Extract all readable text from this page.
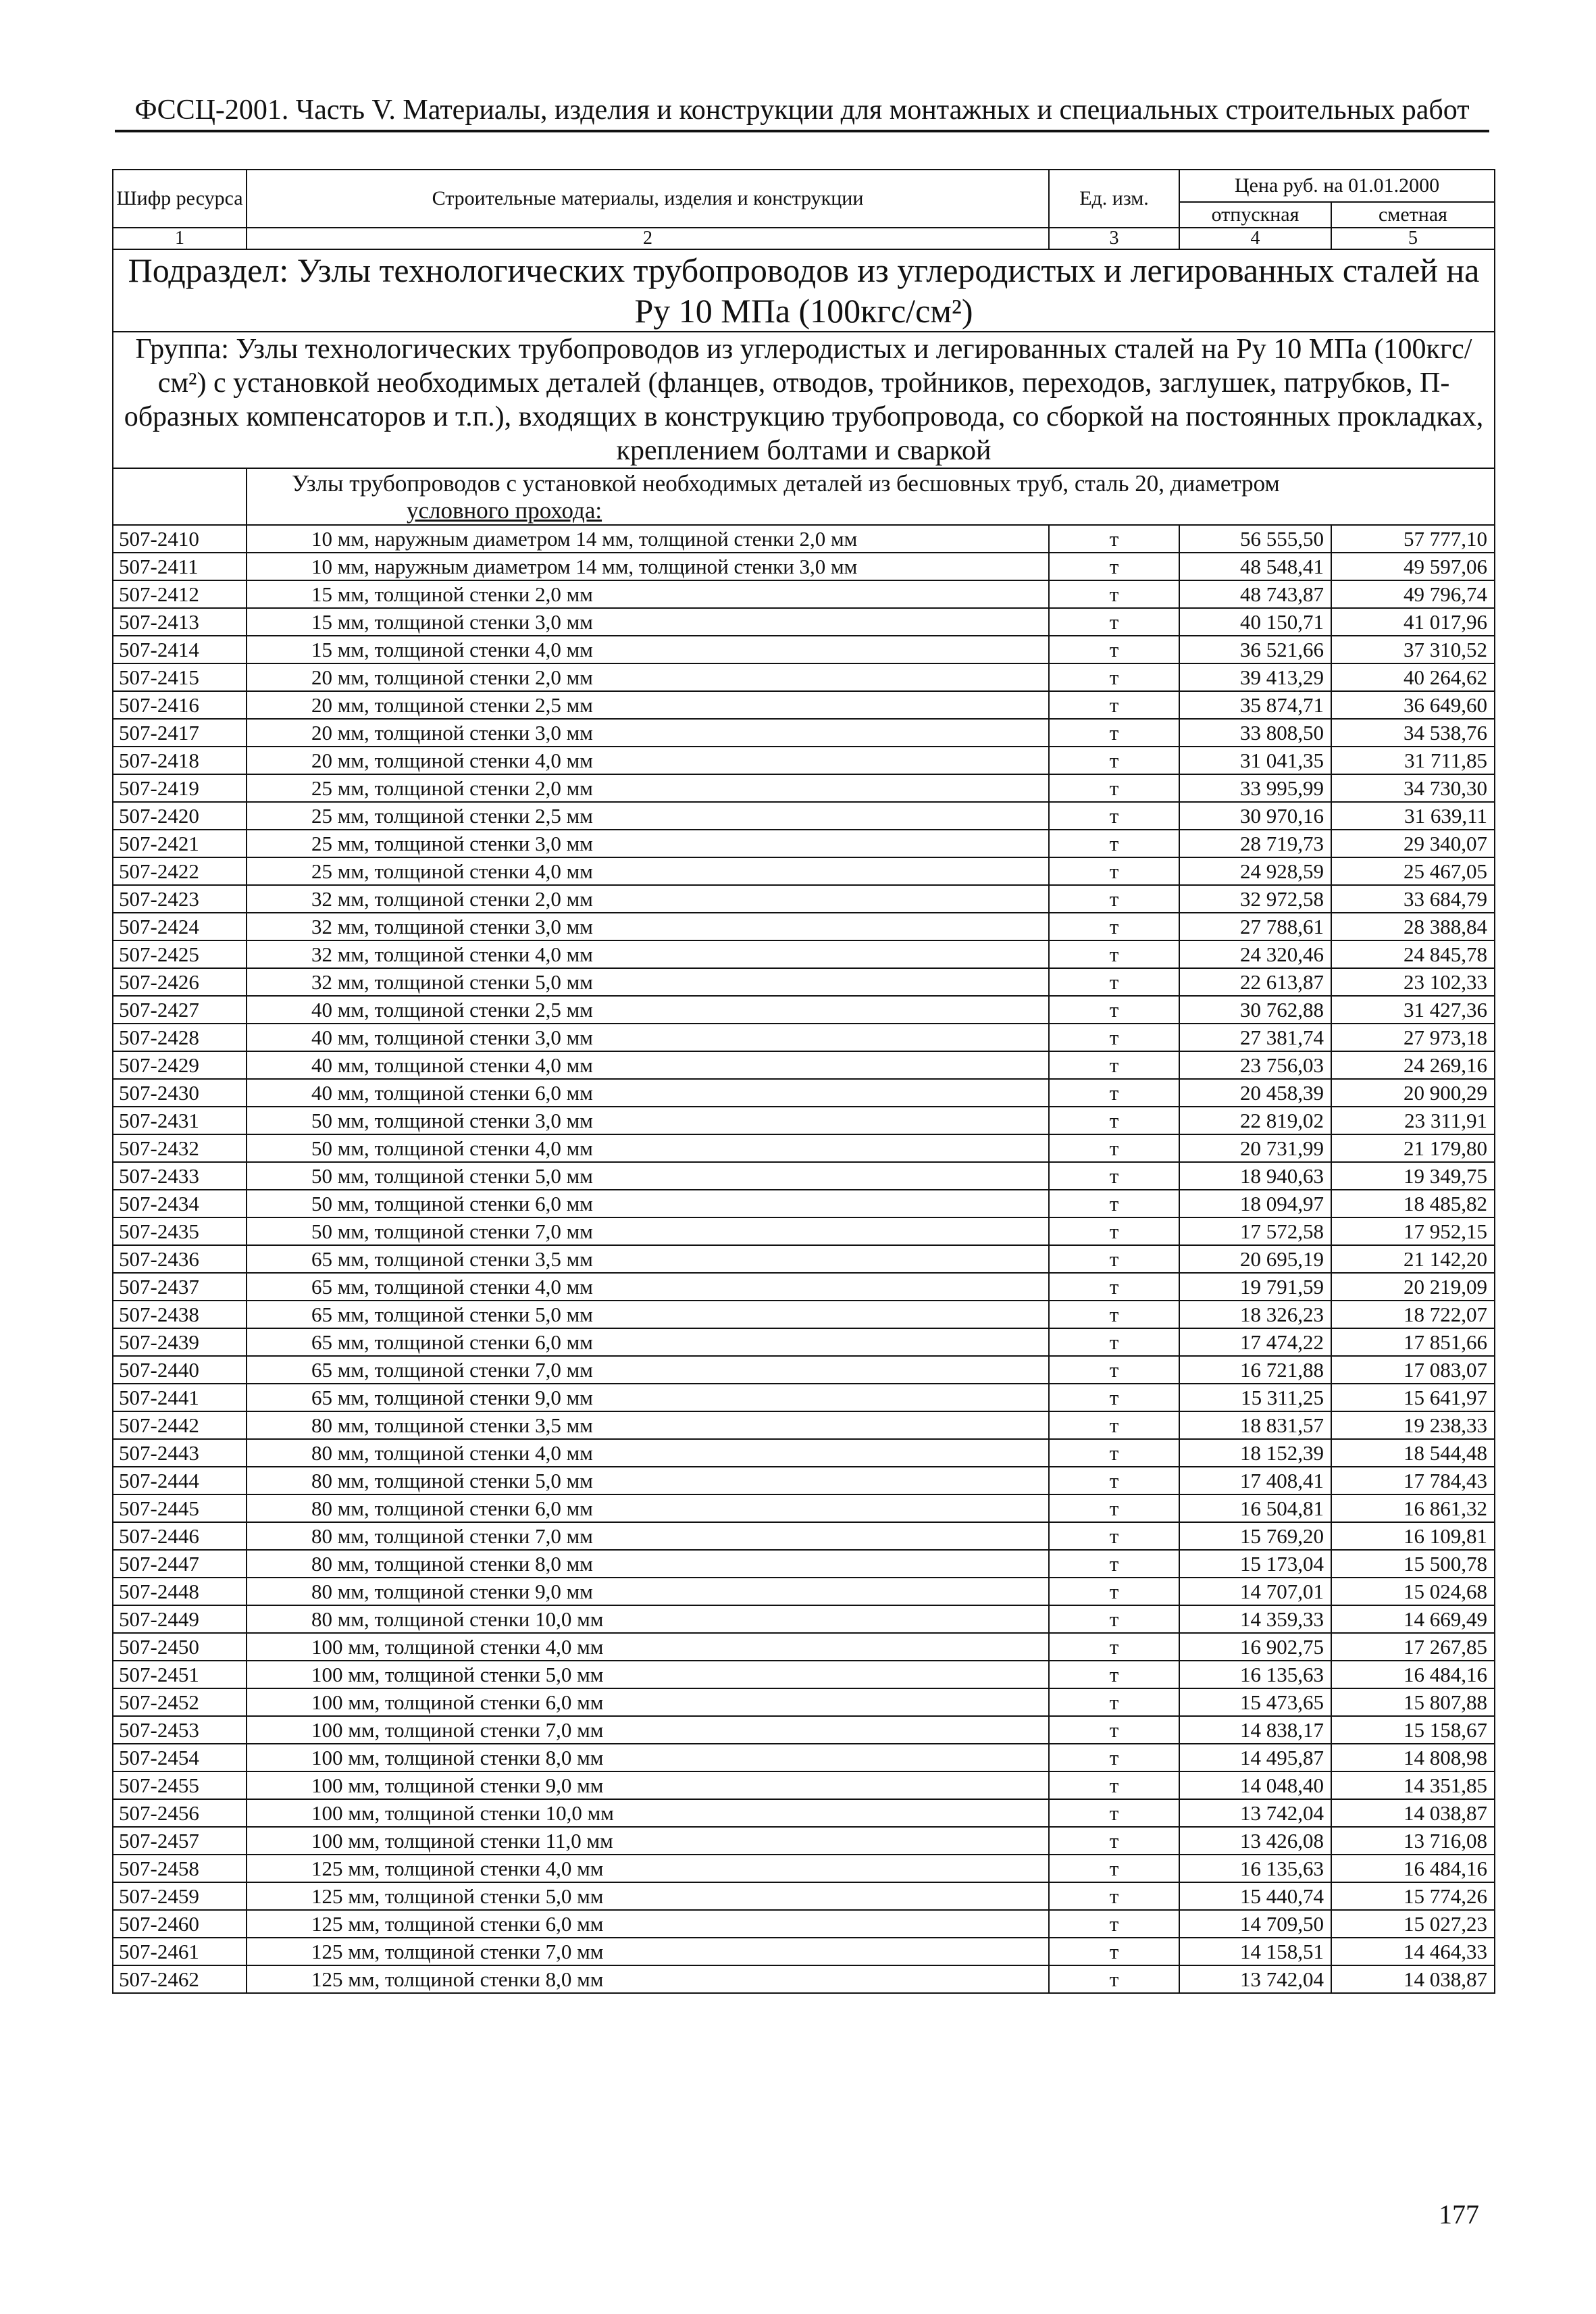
ФССЦ-2001. Часть V. Материалы, изделия и конструкции для монтажных и специальных строительных работ
Шифр ресурса	Строительные материалы, изделия и конструкции	Ед. изм.	Цена руб. на 01.01.2000	
			отпускная	сметная
1	2	3	4	5
Подраздел: Узлы технологических трубопроводов из углеродистых и легированных сталей на Ру 10 МПа (100кгс/см²)				
Группа: Узлы технологических трубопроводов из углеродистых и легированных сталей на Ру 10 МПа (100кгс/см²) с установкой необходимых деталей (фланцев, отводов, тройников, переходов, заглушек, патрубков, П-образных компенсаторов и т.п.), входящих в конструкцию трубопровода, со сборкой на постоянных прокладках, креплением болтами и сваркой				

	Узлы трубопроводов с установкой необходимых деталей из бесшовных труб, сталь 20, диаметром
условного прохода:			

507-2410	10 мм, наружным диаметром 14 мм, толщиной стенки 2,0 мм	т	56 555,50	57 777,10
507-2411	10 мм, наружным диаметром 14 мм, толщиной стенки 3,0 мм	т	48 548,41	49 597,06
507-2412	15 мм, толщиной стенки 2,0 мм	т	48 743,87	49 796,74
507-2413	15 мм, толщиной стенки 3,0 мм	т	40 150,71	41 017,96
507-2414	15 мм, толщиной стенки 4,0 мм	т	36 521,66	37 310,52
507-2415	20 мм, толщиной стенки 2,0 мм	т	39 413,29	40 264,62
507-2416	20 мм, толщиной стенки 2,5 мм	т	35 874,71	36 649,60
507-2417	20 мм, толщиной стенки 3,0 мм	т	33 808,50	34 538,76
507-2418	20 мм, толщиной стенки 4,0 мм	т	31 041,35	31 711,85
507-2419	25 мм, толщиной стенки 2,0 мм	т	33 995,99	34 730,30
507-2420	25 мм, толщиной стенки 2,5 мм	т	30 970,16	31 639,11
507-2421	25 мм, толщиной стенки 3,0 мм	т	28 719,73	29 340,07
507-2422	25 мм, толщиной стенки 4,0 мм	т	24 928,59	25 467,05
507-2423	32 мм, толщиной стенки 2,0 мм	т	32 972,58	33 684,79
507-2424	32 мм, толщиной стенки 3,0 мм	т	27 788,61	28 388,84
507-2425	32 мм, толщиной стенки 4,0 мм	т	24 320,46	24 845,78
507-2426	32 мм, толщиной стенки 5,0 мм	т	22 613,87	23 102,33
507-2427	40 мм, толщиной стенки 2,5 мм	т	30 762,88	31 427,36
507-2428	40 мм, толщиной стенки 3,0 мм	т	27 381,74	27 973,18
507-2429	40 мм, толщиной стенки 4,0 мм	т	23 756,03	24 269,16
507-2430	40 мм, толщиной стенки 6,0 мм	т	20 458,39	20 900,29
507-2431	50 мм, толщиной стенки 3,0 мм	т	22 819,02	23 311,91
507-2432	50 мм, толщиной стенки 4,0 мм	т	20 731,99	21 179,80
507-2433	50 мм, толщиной стенки 5,0 мм	т	18 940,63	19 349,75
507-2434	50 мм, толщиной стенки 6,0 мм	т	18 094,97	18 485,82
507-2435	50 мм, толщиной стенки 7,0 мм	т	17 572,58	17 952,15
507-2436	65 мм, толщиной стенки 3,5 мм	т	20 695,19	21 142,20
507-2437	65 мм, толщиной стенки 4,0 мм	т	19 791,59	20 219,09
507-2438	65 мм, толщиной стенки 5,0 мм	т	18 326,23	18 722,07
507-2439	65 мм, толщиной стенки 6,0 мм	т	17 474,22	17 851,66
507-2440	65 мм, толщиной стенки 7,0 мм	т	16 721,88	17 083,07
507-2441	65 мм, толщиной стенки 9,0 мм	т	15 311,25	15 641,97
507-2442	80 мм, толщиной стенки 3,5 мм	т	18 831,57	19 238,33
507-2443	80 мм, толщиной стенки 4,0 мм	т	18 152,39	18 544,48
507-2444	80 мм, толщиной стенки 5,0 мм	т	17 408,41	17 784,43
507-2445	80 мм, толщиной стенки 6,0 мм	т	16 504,81	16 861,32
507-2446	80 мм, толщиной стенки 7,0 мм	т	15 769,20	16 109,81
507-2447	80 мм, толщиной стенки 8,0 мм	т	15 173,04	15 500,78
507-2448	80 мм, толщиной стенки 9,0 мм	т	14 707,01	15 024,68
507-2449	80 мм, толщиной стенки 10,0 мм	т	14 359,33	14 669,49
507-2450	100 мм, толщиной стенки 4,0 мм	т	16 902,75	17 267,85
507-2451	100 мм, толщиной стенки 5,0 мм	т	16 135,63	16 484,16
507-2452	100 мм, толщиной стенки 6,0 мм	т	15 473,65	15 807,88
507-2453	100 мм, толщиной стенки 7,0 мм	т	14 838,17	15 158,67
507-2454	100 мм, толщиной стенки 8,0 мм	т	14 495,87	14 808,98
507-2455	100 мм, толщиной стенки 9,0 мм	т	14 048,40	14 351,85
507-2456	100 мм, толщиной стенки 10,0 мм	т	13 742,04	14 038,87
507-2457	100 мм, толщиной стенки 11,0 мм	т	13 426,08	13 716,08
507-2458	125 мм, толщиной стенки 4,0 мм	т	16 135,63	16 484,16
507-2459	125 мм, толщиной стенки 5,0 мм	т	15 440,74	15 774,26
507-2460	125 мм, толщиной стенки 6,0 мм	т	14 709,50	15 027,23
507-2461	125 мм, толщиной стенки 7,0 мм	т	14 158,51	14 464,33
507-2462	125 мм, толщиной стенки 8,0 мм	т	13 742,04	14 038,87
177
